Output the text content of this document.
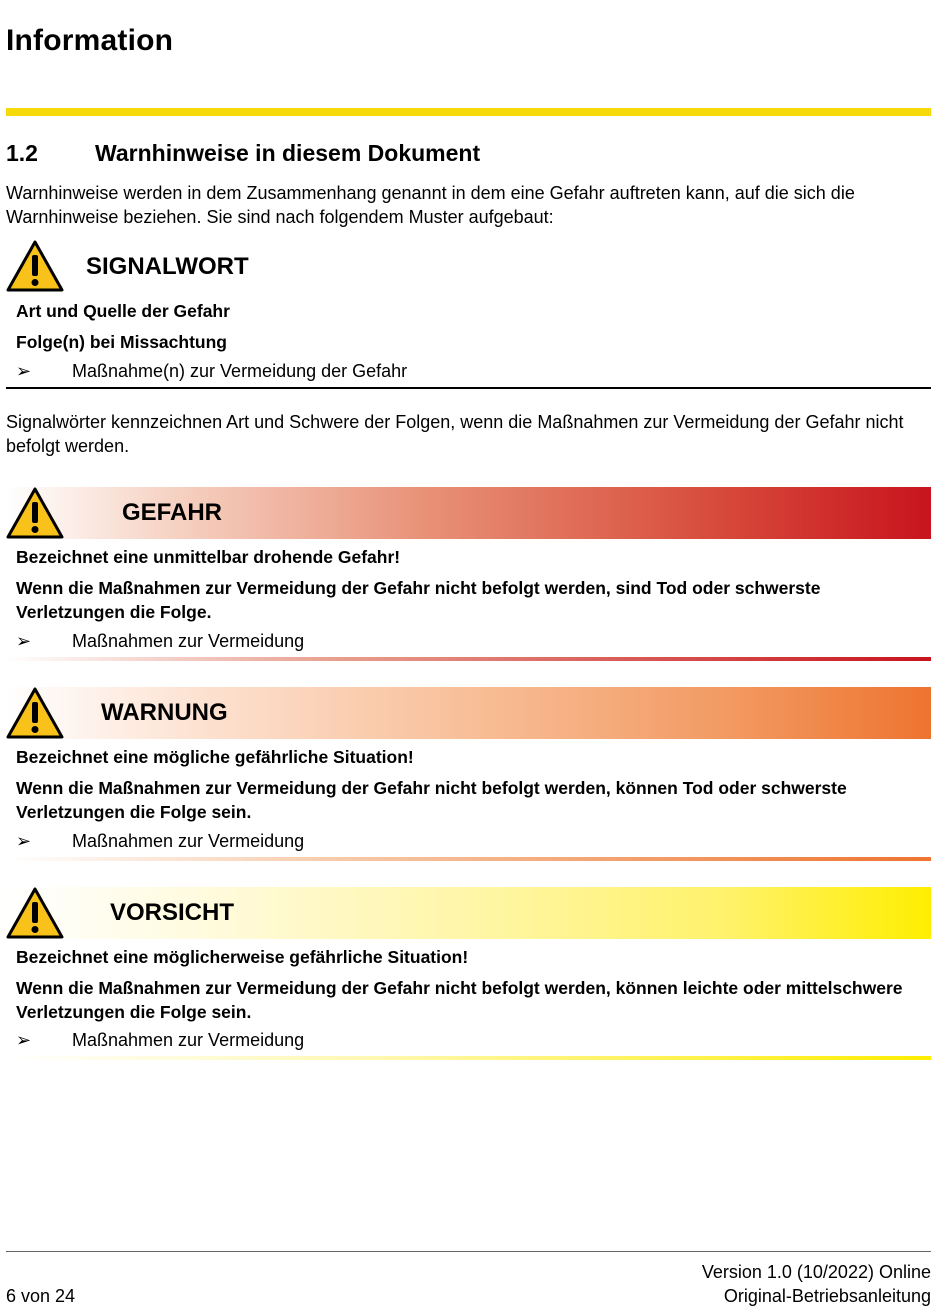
Information
1.2 Warnhinweise in diesem Dokument
Warnhinweise werden in dem Zusammenhang genannt in dem eine Gefahr auftreten kann, auf die sich die
Warnhinweise beziehen. Sie sind nach folgendem Muster aufgebaut:
SIGNALWORT
Art und Quelle der Gefahr
Folge(n) bei Missachtung
➢ Maßnahme(n) zur Vermeidung der Gefahr
Signalwörter kennzeichnen Art und Schwere der Folgen, wenn die Maßnahmen zur Vermeidung der Gefahr nicht
befolgt werden.
GEFAHR
Bezeichnet eine unmittelbar drohende Gefahr!
Wenn die Maßnahmen zur Vermeidung der Gefahr nicht befolgt werden, sind Tod oder schwerste Verletzungen die Folge.
➢ Maßnahmen zur Vermeidung
WARNUNG
Bezeichnet eine mögliche gefährliche Situation!
Wenn die Maßnahmen zur Vermeidung der Gefahr nicht befolgt werden, können Tod oder schwerste Verletzungen die Folge sein.
➢ Maßnahmen zur Vermeidung
VORSICHT
Bezeichnet eine möglicherweise gefährliche Situation!
Wenn die Maßnahmen zur Vermeidung der Gefahr nicht befolgt werden, können leichte oder mittelschwere Verletzungen die Folge sein.
➢ Maßnahmen zur Vermeidung
6 von 24
Version 1.0 (10/2022) Online
Original-Betriebsanleitung
